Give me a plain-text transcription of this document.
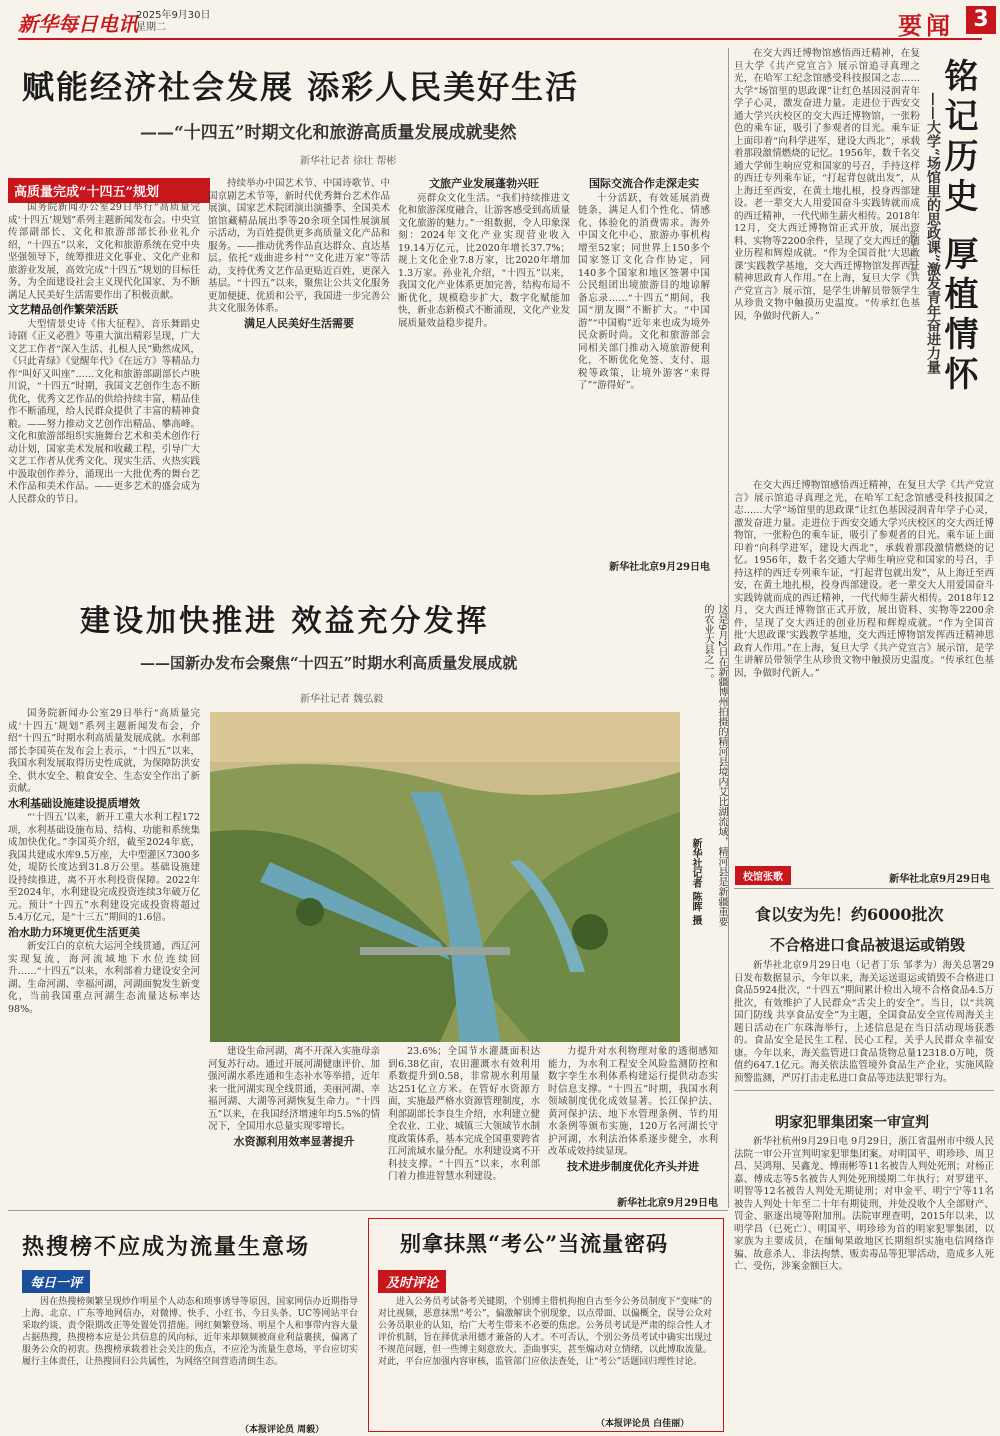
新华每日电讯
2025年9月30日
星期二	要闻 3
赋能经济社会发展 添彩人民美好生活
——“十四五”时期文化和旅游高质量发展成就斐然
新华社记者 徐壮 帮彬
高质量完成“十四五”规划

国务院新闻办公室29日举行“高质量完成‘十四五’规划”系列主题新闻发布会。中央宣传部副部长、文化和旅游部部长孙业礼介绍，“十四五”以来，文化和旅游系统在党中央坚强领导下，统筹推进文化事业、文化产业和旅游业发展，高效完成“十四五”规划的目标任务，为全面建设社会主义现代化国家、为不断满足人民美好生活需要作出了积极贡献。

文艺精品创作繁荣活跃

大型情景史诗《伟大征程》、音乐舞蹈史诗剧《正义必胜》等重大演出精彩呈现，广大文艺工作者“深入生活、扎根人民”勤然成风，《只此青绿》《觉醒年代》《在远方》等精品力作“叫好又叫座”……文化和旅游部副部长卢映川说，“十四五”时期，我国文艺创作生态不断优化，优秀文艺作品的供给持续丰富，精品佳作不断涌现，给人民群众提供了丰富的精神食粮。——努力推动文艺创作出精品、攀高峰。文化和旅游部组织实施舞台艺术和美术创作行动计划，国家美术发展和收藏工程，引导广大文艺工作者从优秀文化、现实生活、火热实践中汲取创作养分，涌现出一大批优秀的舞台艺术作品和美术作品。——更多艺术的盛会成为人民群众的节日。

持续举办中国艺术节、中国诗歌节、中国京剧艺术节等，新时代优秀舞台艺术作品展演、国家艺术院团演出演播季、全国美术馆馆藏精品展出季等20余项全国性展演展示活动，为百姓提供更多高质量文化产品和服务。——推动优秀作品直达群众、直达基层。依托“戏曲进乡村”“文化进万家”等活动，支持优秀文艺作品更贴近百姓，更深入基层。“十四五”以来，聚焦让公共文化服务更加便捷、优质和公平，我国进一步完善公共文化服务体系。

满足人民美好生活需要

文旅产业发展蓬勃兴旺

亮群众文化生活。“我们持续推进文化和旅游深度融合，让游客感受到高质量文化旅游的魅力。”一组数据，令人印象深刻：2024年文化产业实现营业收入19.14万亿元，比2020年增长37.7%；规上文化企业7.8万家，比2020年增加1.3万家。孙业礼介绍，“十四五”以来，我国文化产业体系更加完善，结构布局不断优化，规模稳步扩大，数字化赋能加快，新业态新模式不断涌现，文化产业发展质量效益稳步提升。

国际交流合作走深走实

十分活跃，有效延展消费链条，满足人们个性化、情感化、体验化的消费需求。海外中国文化中心、旅游办事机构增至52家；同世界上150多个国家签订文化合作协定，同140多个国家和地区签署中国公民组团出境旅游目的地谅解备忘录……“十四五”期间，我国“朋友圈”不断扩大。“中国游”“中国购”近年来也成为境外民众新时尚。文化和旅游部会同相关部门推动入境旅游便利化，不断优化免签、支付、退税等政策，让境外游客“来得了”“游得好”。

新华社北京9月29日电
建设加快推进 效益充分发挥
——国新办发布会聚焦“十四五”时期水利高质量发展成就
新华社记者 魏弘毅

国务院新闻办公室29日举行“高质量完成‘十四五’规划”系列主题新闻发布会，介绍“十四五”时期水利高质量发展成就。水利部部长李国英在发布会上表示，“十四五”以来，我国水利发展取得历史性成就，为保障防洪安全、供水安全、粮食安全、生态安全作出了新贡献。

水利基础设施建设提质增效

“‘十四五’以来，新开工重大水利工程172项，水利基础设施布局、结构、功能和系统集成加快优化。”李国英介绍，截至2024年底，我国共建成水库9.5万座，大中型灌区7300多处，堤防长度达到31.8万公里。基础设施建设持续推进，离不开水利投资保障。2022年至2024年，水利建设完成投资连续3年破万亿元。预计“十四五”水利建设完成投资将超过5.4万亿元，是“十三五”期间的1.6倍。

治水助力环境更优生活更美

新安江白的京杭大运河全线贯通，西辽河实现复流，海河流域地下水位连续回升……“十四五”以来，水利部着力建设安全河湖、生命河湖、幸福河湖，河湖面貌发生新变化，当前我国重点河湖生态流量达标率达98%。

这是9月2日在新疆博州拍摄的精河县境内艾比湖流域，精河县是新疆重要的农业大县之一。
新华社记者 陈晖 摄

建设生命河湖，离不开深入实施母亲河复苏行动。通过开展河湖健康评价、加强河湖水系连通和生态补水等举措，近年来一批河湖实现全线贯通，美丽河湖、幸福河湖、大湖等河湖恢复生命力。“十四五”以来，在我国经济增速年均5.5%的情况下，全国用水总量实现零增长。

水资源利用效率显著提升

23.6%；全国节水灌溉面积达到6.38亿亩，农田灌溉水有效利用系数提升到0.58，非常规水利用量达251亿立方米。在管好水资源方面，实施最严格水资源管理制度，水利部副部长李良生介绍，水利建立健全农业、工业、城镇三大领域节水制度政策体系，基本完成全国重要跨省江河流域水量分配。水利建设离不开科技支撑。“十四五”以来，水利部门着力推进智慧水利建设。

力提升对水利物理对象的透彻感知能力，为水利工程安全风险监测防控和数字孪生水利体系构建运行提供动态实时信息支撑。“十四五”时期，我国水利领域制度优化成效显著。长江保护法、黄河保护法、地下水管理条例、节约用水条例等颁布实施，120万名河湖长守护河湖，水利法治体系逐步健全，水利改革成效持续显现。

技术进步制度优化齐头并进

新华社北京9月29日电

在交大西迁博物馆感悟西迁精神，在复旦大学《共产党宣言》展示馆追寻真理之光，在哈军工纪念馆感受科技报国之志……大学“场馆里的思政课”让红色基因浸润青年学子心灵，激发奋进力量。走进位于西安交通大学兴庆校区的交大西迁博物馆，一张粉色的乘车证，吸引了参观者的目光。乘车证上面印着“向科学进军，建设大西北”，承载着那段激情燃烧的记忆。1956年，数千名交通大学师生响应党和国家的号召，手持这样的西迁专列乘车证，“打起背包就出发”，从上海迁至西安，在黄土地扎根，投身西部建设。老一辈交大人用爱国奋斗实践铸就而成的西迁精神，一代代师生薪火相传。2018年12月，交大西迁博物馆正式开放，展出资料、实物等2200余件，呈现了交大西迁的创业历程和辉煌成就。“作为全国首批‘大思政课’实践教学基地，交大西迁博物馆发挥西迁精神思政育人作用。”在上海，复旦大学《共产党宣言》展示馆，是学生讲解员带领学生从珍贵文物中触摸历史温度。“传承红色基因，争做时代新人。”	铭记历史 厚植情怀
——大学“场馆里的思政课”激发青年奋进力量
新华社记者

在交大西迁博物馆感悟西迁精神，在复旦大学《共产党宣言》展示馆追寻真理之光，在哈军工纪念馆感受科技报国之志……大学“场馆里的思政课”让红色基因浸润青年学子心灵，激发奋进力量。走进位于西安交通大学兴庆校区的交大西迁博物馆，一张粉色的乘车证，吸引了参观者的目光。乘车证上面印着“向科学进军，建设大西北”，承载着那段激情燃烧的记忆。1956年，数千名交通大学师生响应党和国家的号召，手持这样的西迁专列乘车证，“打起背包就出发”，从上海迁至西安，在黄土地扎根，投身西部建设。老一辈交大人用爱国奋斗实践铸就而成的西迁精神，一代代师生薪火相传。2018年12月，交大西迁博物馆正式开放，展出资料、实物等2200余件，呈现了交大西迁的创业历程和辉煌成就。“作为全国首批‘大思政课’实践教学基地，交大西迁博物馆发挥西迁精神思政育人作用。”在上海，复旦大学《共产党宣言》展示馆，是学生讲解员带领学生从珍贵文物中触摸历史温度。“传承红色基因，争做时代新人。”

新华社北京9月29日电
校馆张歌
食以安为先！约6000批次
不合格进口食品被退运或销毁

新华社北京9月29日电（记者丁乐 邹孝为）海关总署29日发布数据显示，今年以来，海关运送退运或销毁不合格进口食品5924批次，“十四五”期间累计检出入境不合格食品4.5万批次，有效维护了人民群众“舌尖上的安全”。当日，以“共筑国门防线 共享食品安全”为主题，全国食品安全宣传周海关主题日活动在广东珠海举行，上述信息是在当日活动现场获悉的。食品安全是民生工程、民心工程，关乎人民群众幸福安康。今年以来，海关监管进口食品货物总量12318.0万吨，货值约647.1亿元。海关依法监管境外食品生产企业，实施风险预警监测，严厉打击走私进口食品等违法犯罪行为。

明家犯罪集团案一审宣判

新华社杭州9月29日电 9月29日，浙江省温州市中级人民法院一审公开宣判明家犯罪集团案。对明国平、明珍珍、周卫昌、吴鸿翔、吴鑫龙、傅雨彬等11名被告人判处死刑；对杨正嘉、傅成志等5名被告人判处死刑缓期二年执行；对罗建平、明智等12名被告人判处无期徒刑；对申金平、明宁宁等11名被告人判处十年至二十年有期徒刑，并处没收个人全部财产、罚金、驱逐出境等附加刑。法院审理查明，2015年以来，以明学昌（已死亡）、明国平、明珍珍为首的明家犯罪集团，以家族为主要成员，在缅甸果敢地区长期组织实施电信网络诈骗、故意杀人、非法拘禁、贩卖毒品等犯罪活动，造成多人死亡、受伤，涉案金额巨大。

热搜榜不应成为流量生意场
每日一评

因在热搜榜频繁呈现炒作明星个人动态和琐事诱导等原因，国家网信办近期指导上海、北京、广东等地网信办，对微博、快手、小红书、今日头条、UC等网站平台采取约谈、责令限期改正等处置处罚措施。网红频繁登场、明星个人和事带内容大量占据热搜，热搜榜本应是公共信息的风向标，近年来却频频被商业利益裹挟，偏离了服务公众的初衷。热搜榜承载着社会关注的焦点，不应沦为流量生意场，平台应切实履行主体责任，让热搜回归公共属性，为网络空间营造清朗生态。

（本报评论员 周毅）
别拿抹黑“考公”当流量密码
及时评论

进入公务员考试备考关键期，个别博主借机拘抱自古至今公务员制度下“变味”的对比视频，恶意抹黑“考公”，偏激解读个别现象，以点带面、以偏概全，误导公众对公务员职业的认知，给广大考生带来不必要的焦虑。公务员考试是严肃的综合性人才评价机制，旨在择优录用德才兼备的人才。不可否认，个别公务员考试中确实出现过不规范问题，但一些博主刻意放大、歪曲事实，甚至煽动对立情绪，以此博取流量。对此，平台应加强内容审核，监管部门应依法查处，让“考公”话题回归理性讨论。

（本报评论员 白佳丽）
